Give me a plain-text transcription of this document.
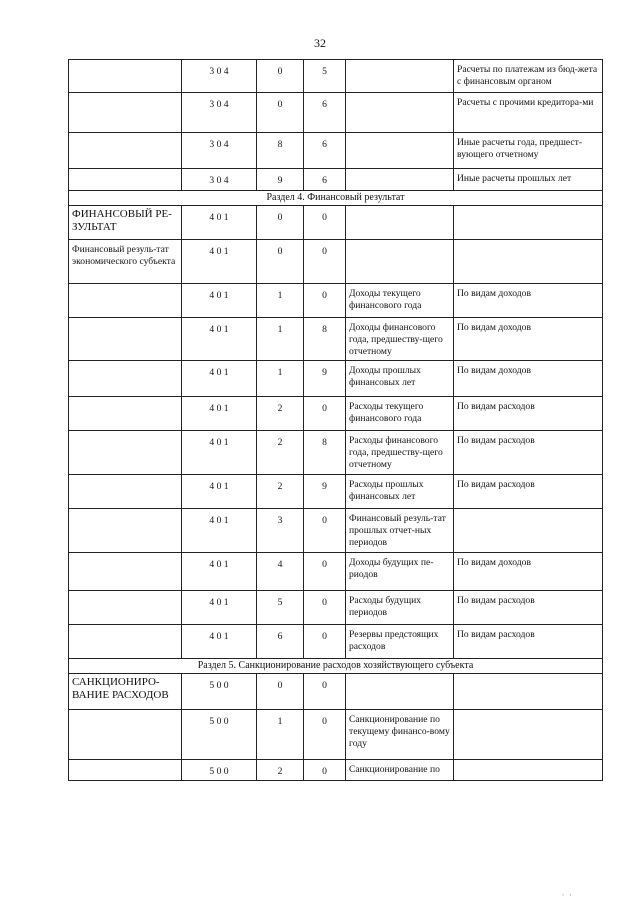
32
	3 0 4	0	5		Расчеты по платежам из бюд-жета с финансовым органом
	3 0 4	0	6		Расчеты с прочими кредитора-ми
	3 0 4	8	6		Иные расчеты года, предшест-вующего отчетному
	3 0 4	9	6		Иные расчеты прошлых лет
Раздел 4. Финансовый результат					
ФИНАНСОВЫЙ РЕ-ЗУЛЬТАТ	4 0 1	0	0		
Финансовый резуль-тат экономического субъекта	4 0 1	0	0		
	4 0 1	1	0	Доходы текущего финансового года	По видам доходов
	4 0 1	1	8	Доходы финансового года, предшеству-щего отчетному	По видам доходов
	4 0 1	1	9	Доходы прошлых финансовых лет	По видам доходов
	4 0 1	2	0	Расходы текущего финансового года	По видам расходов
	4 0 1	2	8	Расходы финансового года, предшеству-щего отчетному	По видам расходов
	4 0 1	2	9	Расходы прошлых финансовых лет	По видам расходов
	4 0 1	3	0	Финансовый резуль-тат прошлых отчет-ных периодов	
	4 0 1	4	0	Доходы будущих пе-риодов	По видам доходов
	4 0 1	5	0	Расходы будущих периодов	По видам расходов
	4 0 1	6	0	Резервы предстоящих расходов	По видам расходов
Раздел 5. Санкционирование расходов хозяйствующего субъекта					
САНКЦИОНИРО-ВАНИЕ РАСХОДОВ	5 0 0	0	0		
	5 0 0	1	0	Санкционирование по текущему финансо-вому году	
	5 0 0	2	0	Санкционирование по	
⋅  ⋅
